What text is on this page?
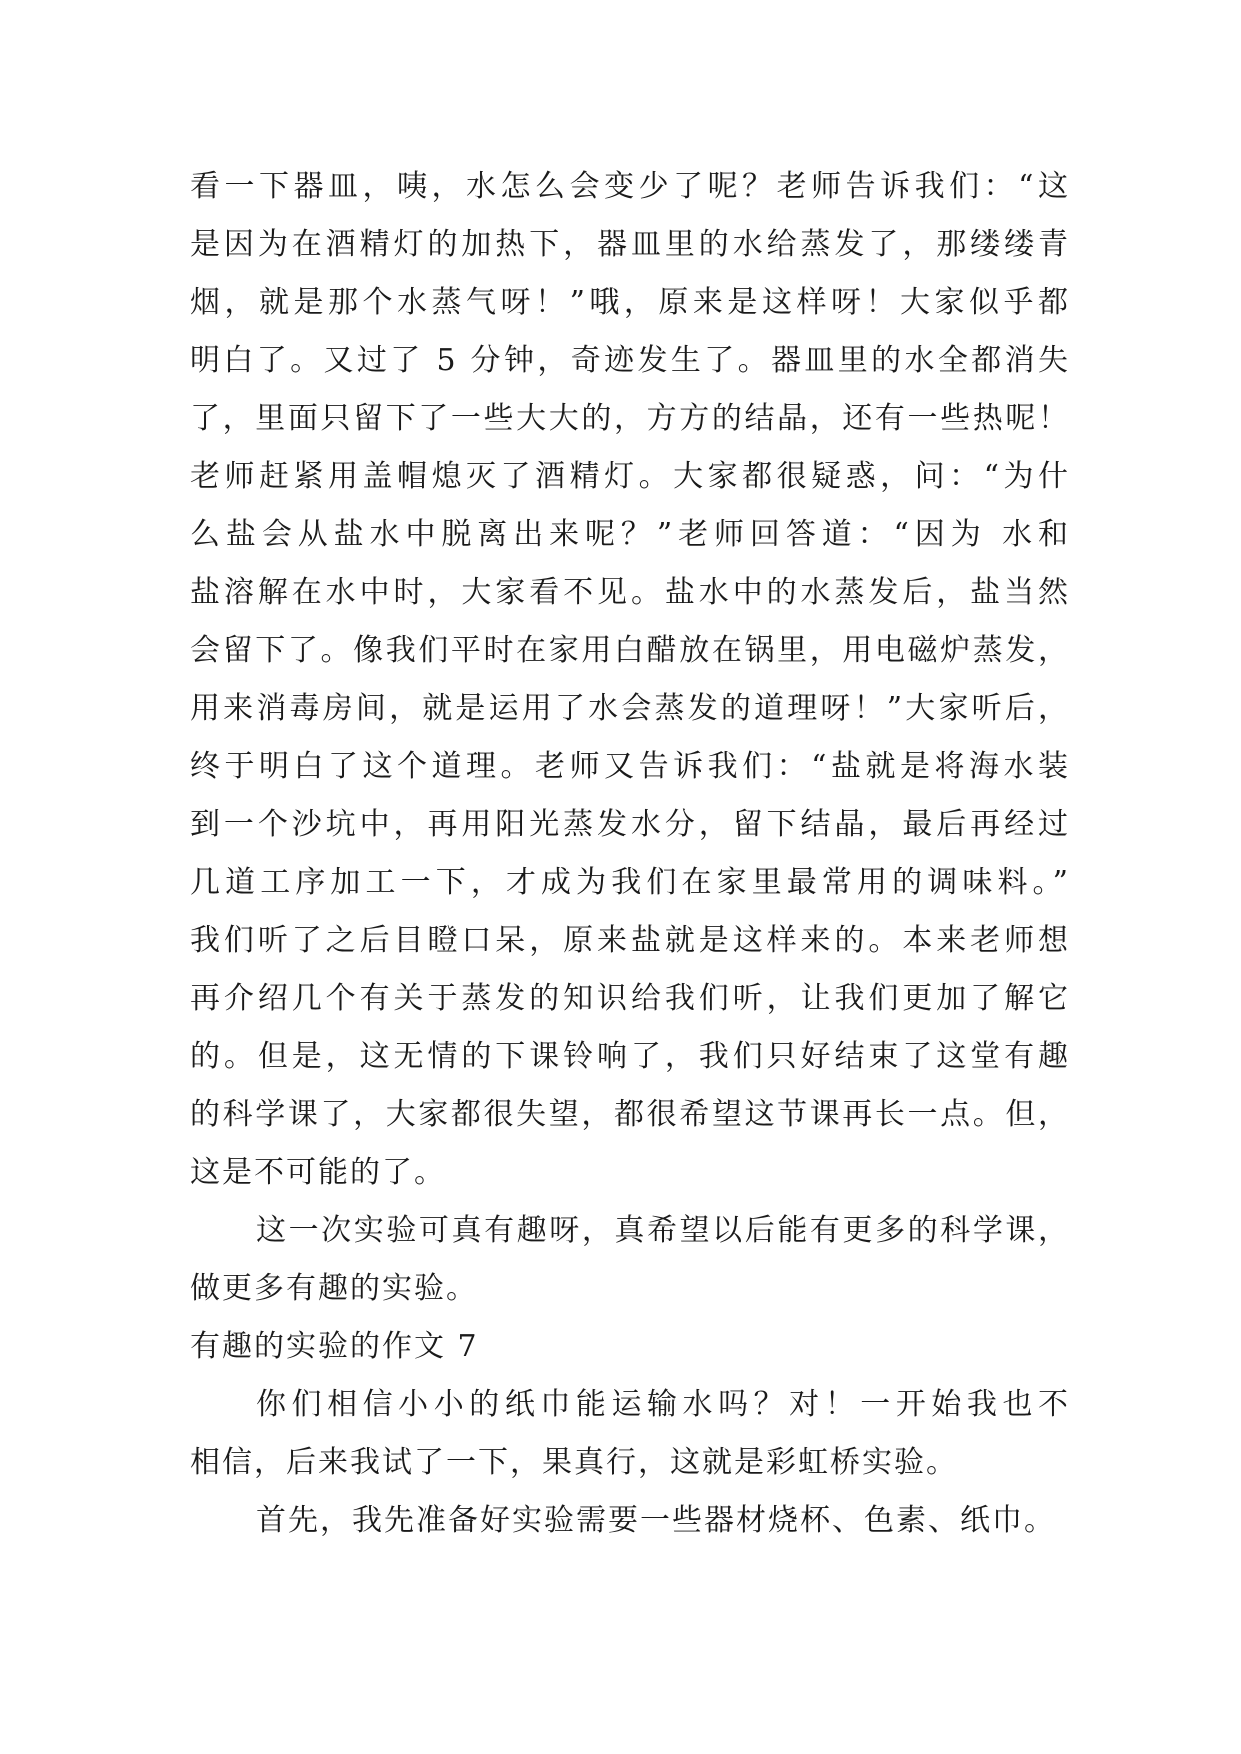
看一下器皿，咦，水怎么会变少了呢？老师告诉我们：“这
是因为在酒精灯的加热下，器皿里的水给蒸发了，那缕缕青
烟，就是那个水蒸气呀！”哦，原来是这样呀！大家似乎都
明白了。又过了 5 分钟，奇迹发生了。器皿里的水全都消失
了，里面只留下了一些大大的，方方的结晶，还有一些热呢！
老师赶紧用盖帽熄灭了酒精灯。大家都很疑惑，问：“为什
么盐会从盐水中脱离出来呢？”老师回答道：“因为 水和
盐溶解在水中时，大家看不见。盐水中的水蒸发后，盐当然
会留下了。像我们平时在家用白醋放在锅里，用电磁炉蒸发，
用来消毒房间，就是运用了水会蒸发的道理呀！”大家听后，
终于明白了这个道理。老师又告诉我们：“盐就是将海水装
到一个沙坑中，再用阳光蒸发水分，留下结晶，最后再经过
几道工序加工一下，才成为我们在家里最常用的调味料。”
我们听了之后目瞪口呆，原来盐就是这样来的。本来老师想
再介绍几个有关于蒸发的知识给我们听，让我们更加了解它
的。但是，这无情的下课铃响了，我们只好结束了这堂有趣
的科学课了，大家都很失望，都很希望这节课再长一点。但，
这是不可能的了。
这一次实验可真有趣呀，真希望以后能有更多的科学课，
做更多有趣的实验。
有趣的实验的作文 7
你们相信小小的纸巾能运输水吗？对！一开始我也不
相信，后来我试了一下，果真行，这就是彩虹桥实验。
首先，我先准备好实验需要一些器材烧杯、色素、纸巾。
